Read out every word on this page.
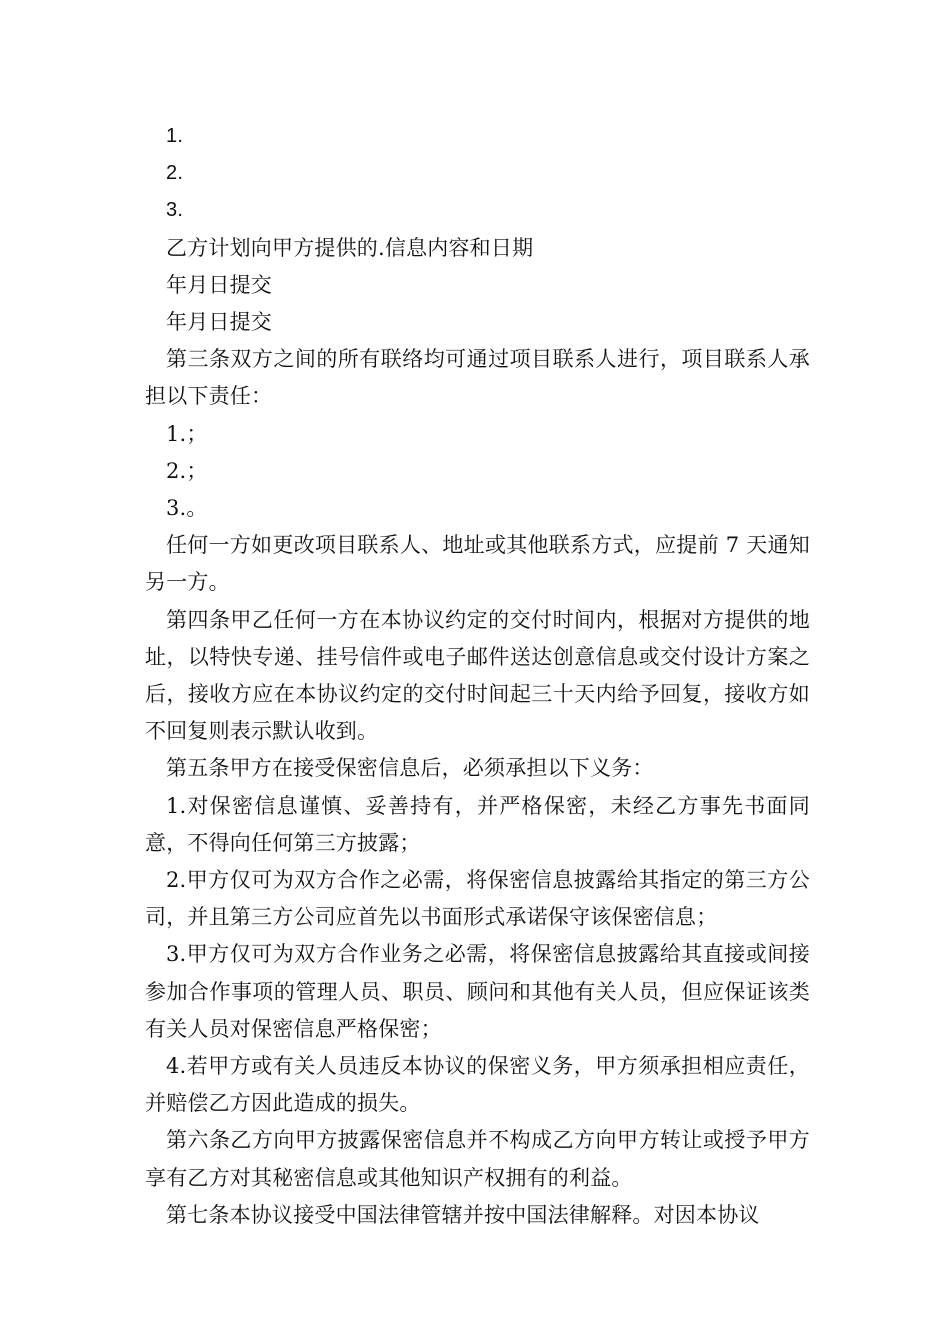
1.

2.

3.

乙方计划向甲方提供的.信息内容和日期

年月日提交

年月日提交

第三条双方之间的所有联络均可通过项目联系人进行，项目联系人承担以下责任：

1.；

2.；

3.。

任何一方如更改项目联系人、地址或其他联系方式，应提前 7 天通知另一方。

第四条甲乙任何一方在本协议约定的交付时间内，根据对方提供的地址，以特快专递、挂号信件或电子邮件送达创意信息或交付设计方案之后，接收方应在本协议约定的交付时间起三十天内给予回复，接收方如不回复则表示默认收到。

第五条甲方在接受保密信息后，必须承担以下义务：

1.对保密信息谨慎、妥善持有，并严格保密，未经乙方事先书面同意，不得向任何第三方披露；

2.甲方仅可为双方合作之必需，将保密信息披露给其指定的第三方公司，并且第三方公司应首先以书面形式承诺保守该保密信息；

3.甲方仅可为双方合作业务之必需，将保密信息披露给其直接或间接参加合作事项的管理人员、职员、顾问和其他有关人员，但应保证该类有关人员对保密信息严格保密；

4.若甲方或有关人员违反本协议的保密义务，甲方须承担相应责任，并赔偿乙方因此造成的损失。

第六条乙方向甲方披露保密信息并不构成乙方向甲方转让或授予甲方享有乙方对其秘密信息或其他知识产权拥有的利益。

第七条本协议接受中国法律管辖并按中国法律解释。对因本协议
